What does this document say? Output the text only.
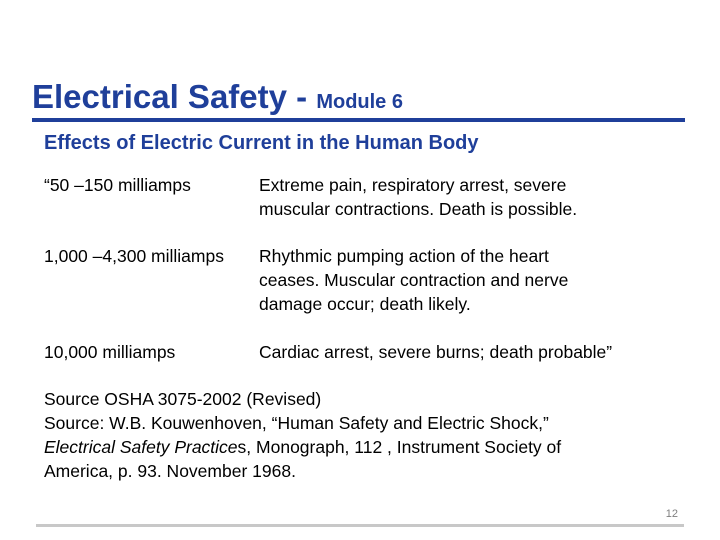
Electrical Safety - Module 6
Effects of Electric Current in the Human Body
“50 –150 milliamps	Extreme pain, respiratory arrest, severe
muscular contractions. Death is possible.
1,000 –4,300 milliamps Rhythmic pumping action of the heart
ceases. Muscular contraction and nerve
damage occur; death likely.
10,000 milliamps	Cardiac arrest, severe burns; death probable”
Source OSHA 3075-2002 (Revised)
Source: W.B. Kouwenhoven, “Human Safety and Electric Shock,”
Electrical Safety Practices, Monograph, 112 , Instrument Society of
America, p. 93. November 1968.
12
